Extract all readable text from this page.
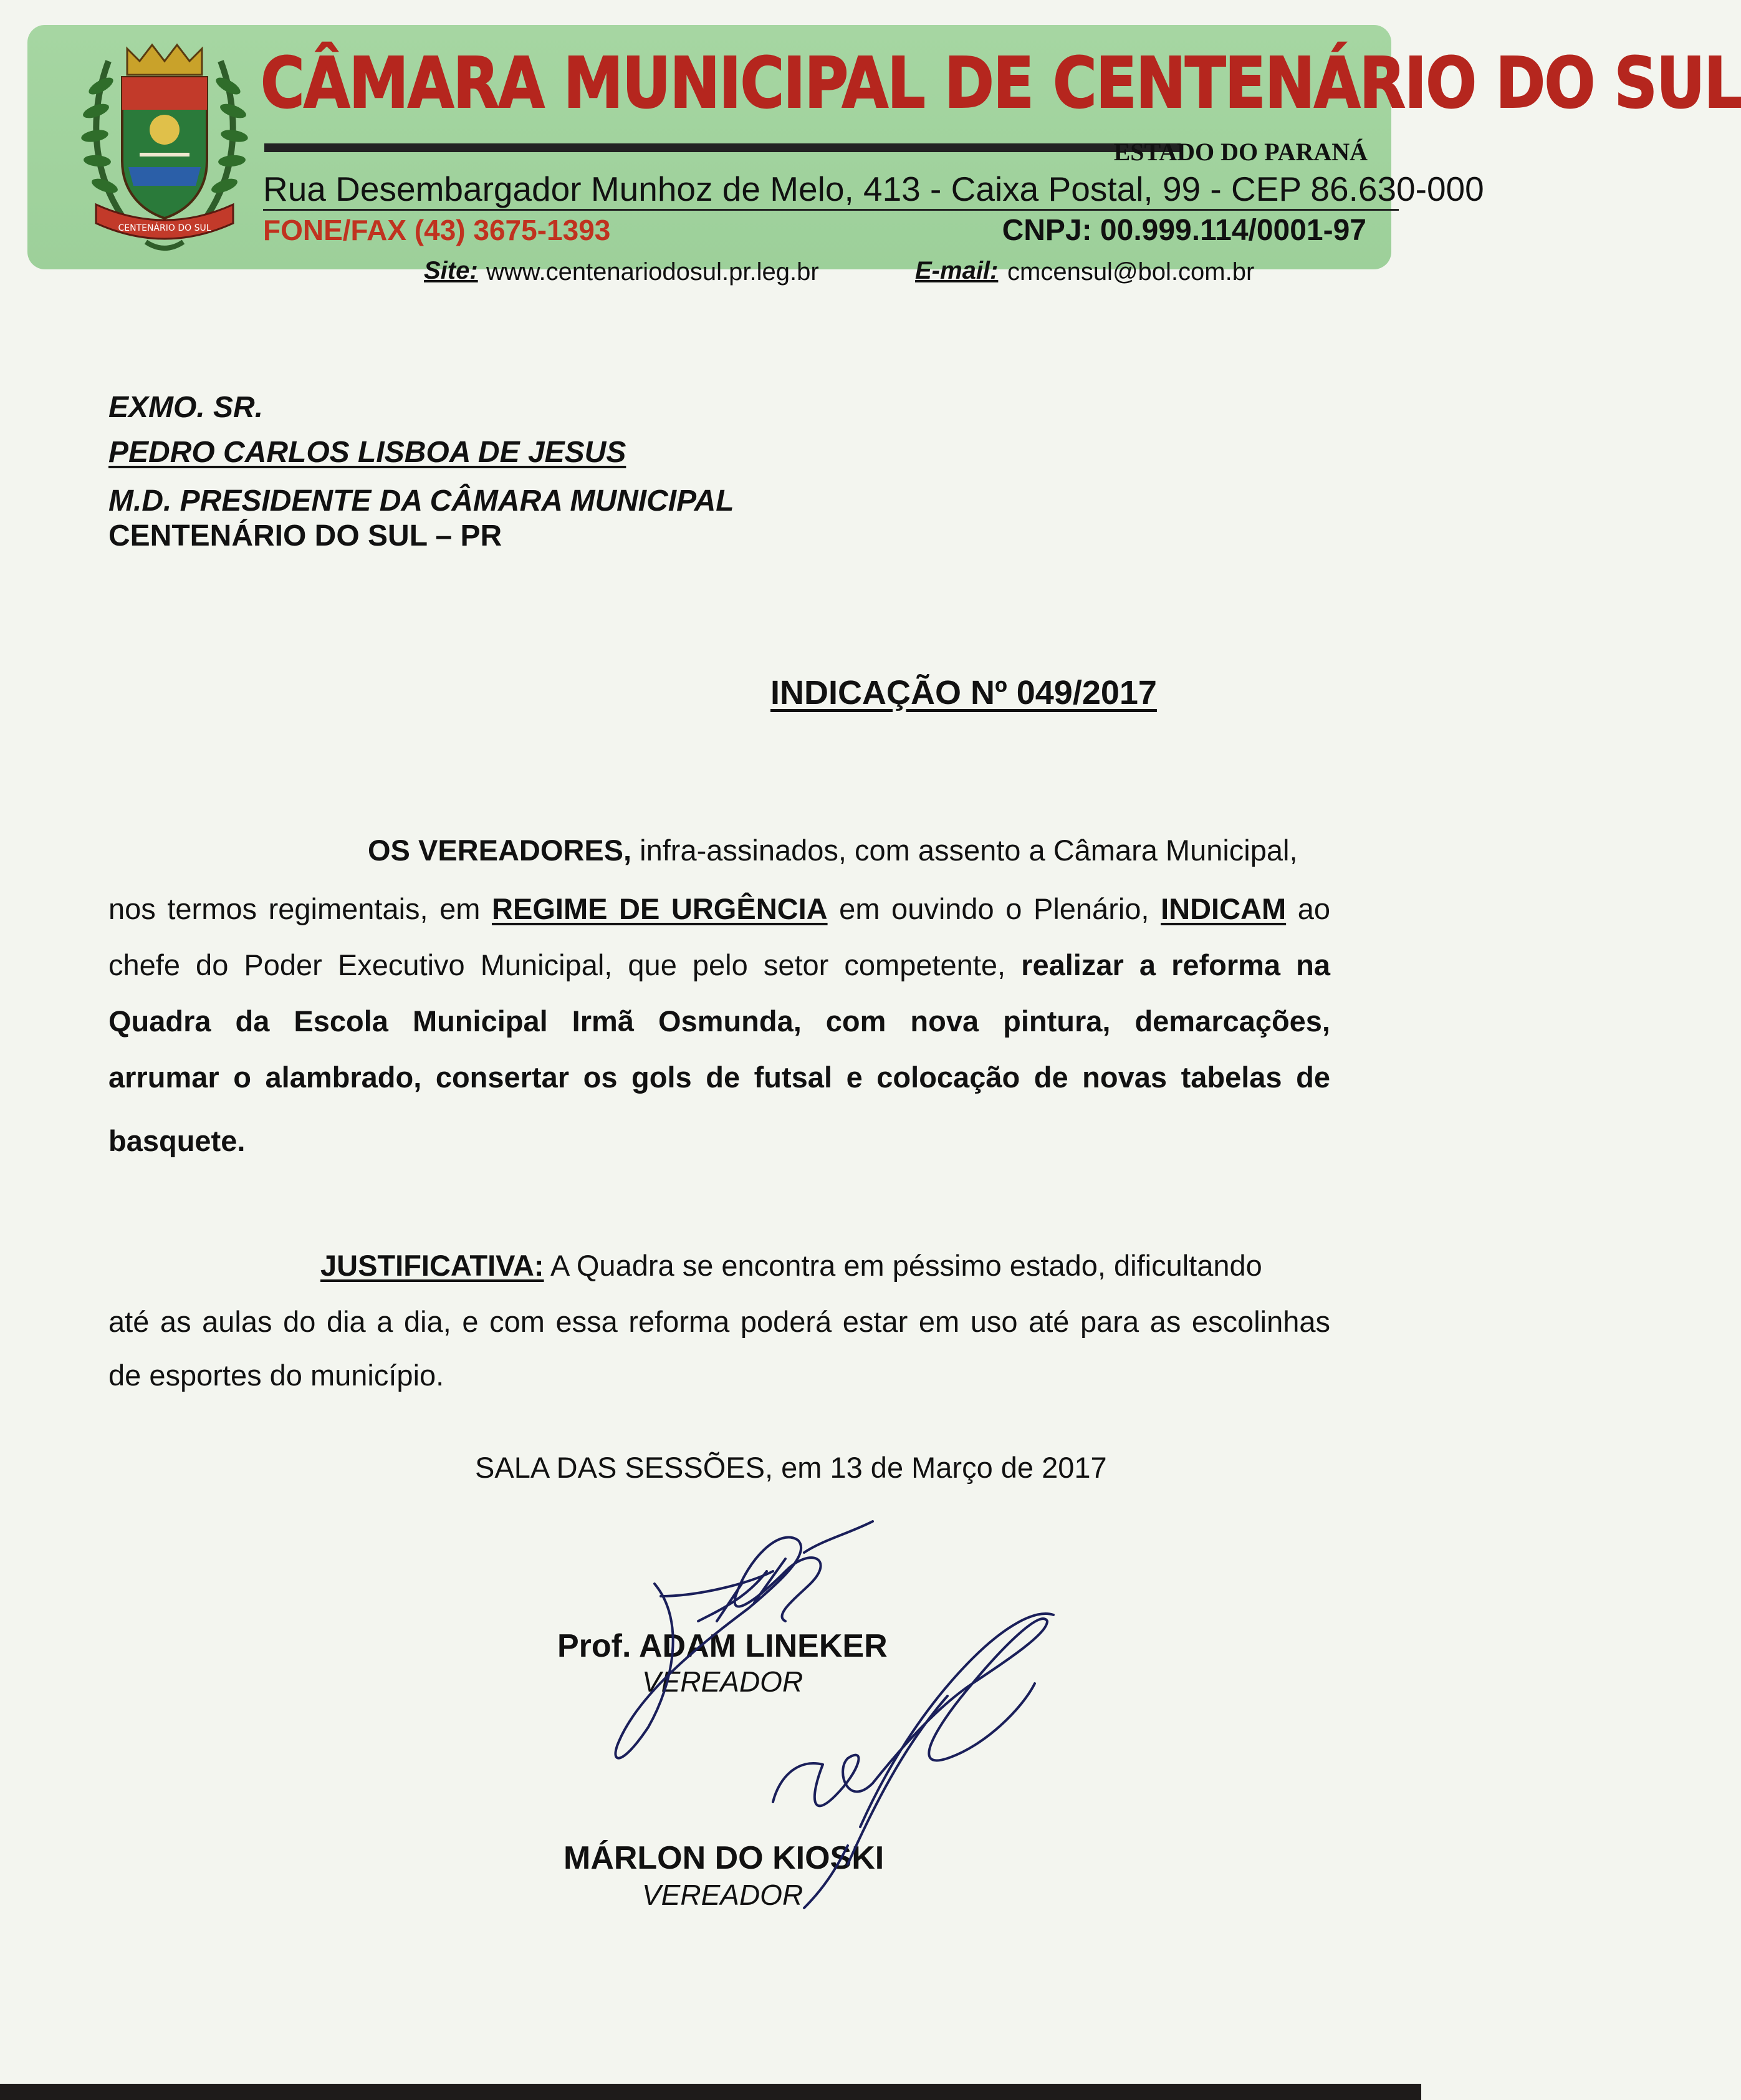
CENTENÁRIO DO SUL
CÂMARA MUNICIPAL DE CENTENÁRIO DO SUL
ESTADO DO PARANÁ
Rua Desembargador Munhoz de Melo, 413 - Caixa Postal, 99 - CEP 86.630-000
FONE/FAX (43) 3675-1393	CNPJ: 00.999.114/0001-97
Site: www.centenariodosul.pr.leg.br	E-mail: cmcensul@bol.com.br
EXMO. SR.
PEDRO CARLOS LISBOA DE JESUS
M.D. PRESIDENTE DA CÂMARA MUNICIPAL
CENTENÁRIO DO SUL – PR
INDICAÇÃO Nº 049/2017
OS VEREADORES, infra-assinados, com assento a Câmara Municipal,
nos termos regimentais, em REGIME DE URGÊNCIA em ouvindo o Plenário, INDICAM ao
chefe do Poder Executivo Municipal, que pelo setor competente, realizar a reforma na
Quadra da Escola Municipal Irmã Osmunda, com nova pintura, demarcações,
arrumar o alambrado, consertar os gols de futsal e colocação de novas tabelas de
basquete.
JUSTIFICATIVA: A Quadra se encontra em péssimo estado, dificultando
até as aulas do dia a dia, e com essa reforma poderá estar em uso até para as escolinhas
de esportes do município.
SALA DAS SESSÕES, em 13 de Março de 2017
Prof. ADAM LINEKER
VEREADOR
MÁRLON DO KIOSKI
VEREADOR
